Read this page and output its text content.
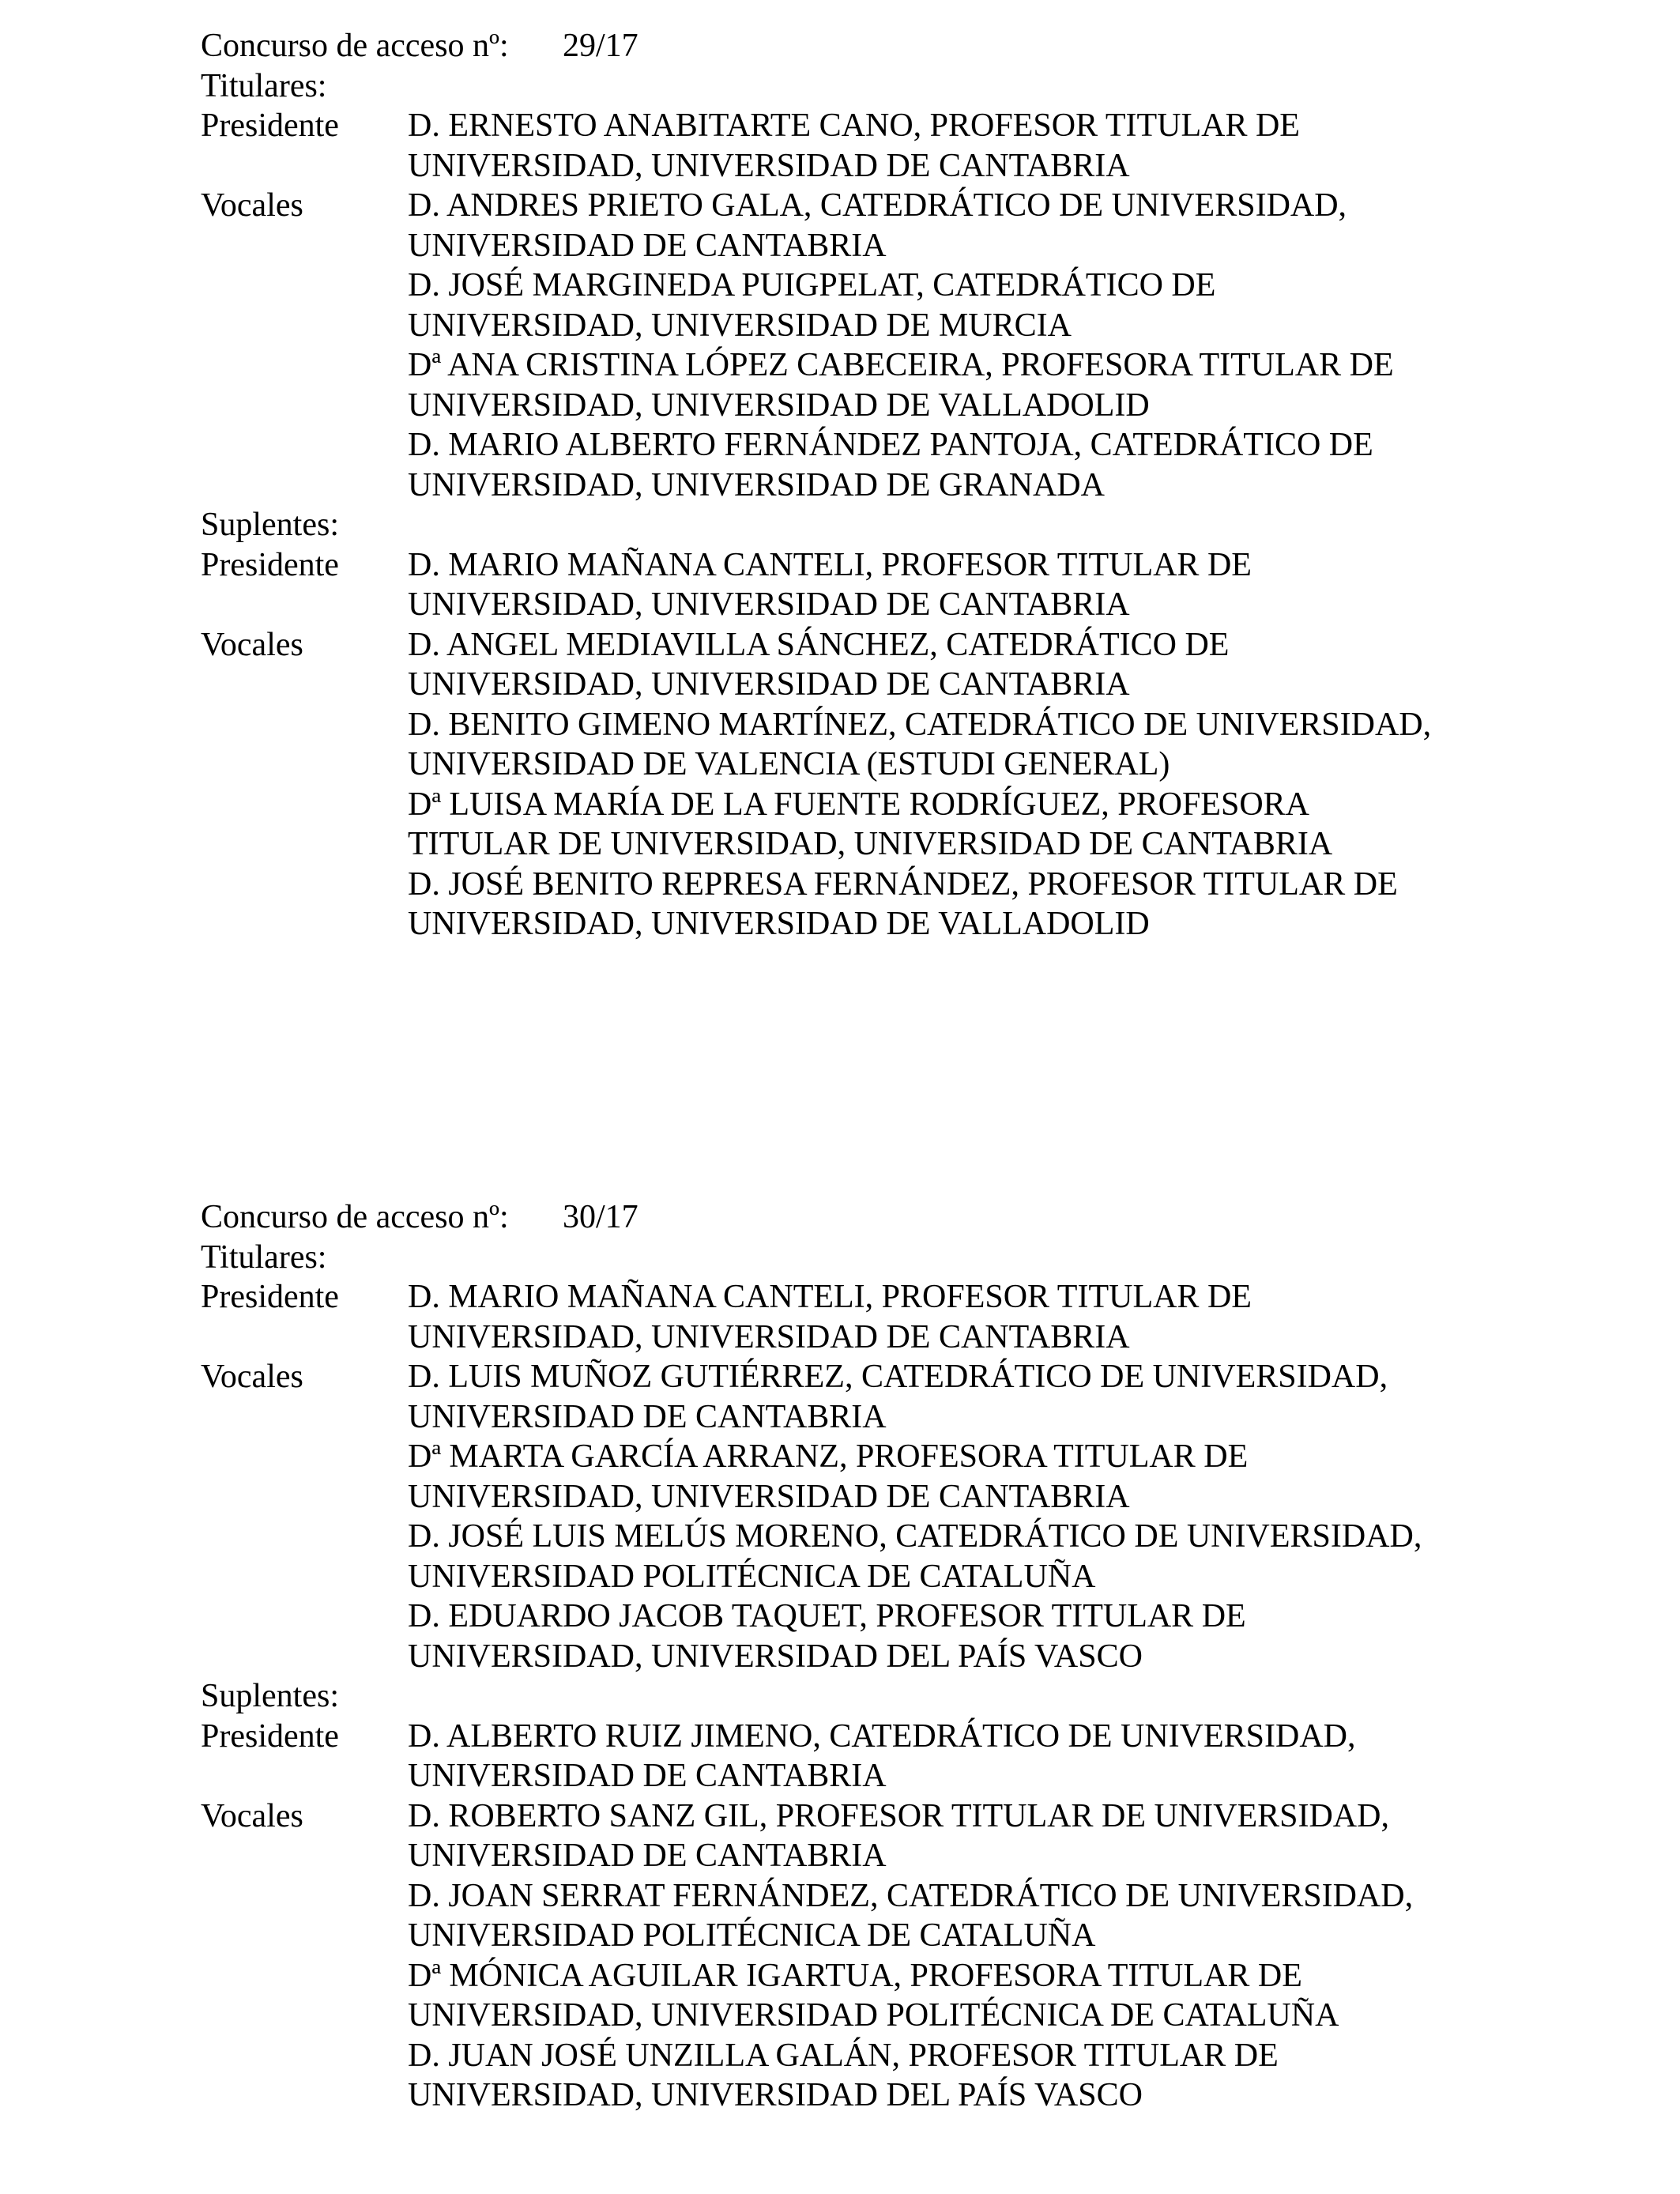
Concurso de acceso nº: 29/17
Titulares:
Presidente D. ERNESTO ANABITARTE CANO, PROFESOR TITULAR DE
UNIVERSIDAD, UNIVERSIDAD DE CANTABRIA
Vocales	D. ANDRES PRIETO GALA, CATEDRÁTICO DE UNIVERSIDAD,
UNIVERSIDAD DE CANTABRIA
D. JOSÉ MARGINEDA PUIGPELAT, CATEDRÁTICO DE
UNIVERSIDAD, UNIVERSIDAD DE MURCIA
Dª ANA CRISTINA LÓPEZ CABECEIRA, PROFESORA TITULAR DE
UNIVERSIDAD, UNIVERSIDAD DE VALLADOLID
D. MARIO ALBERTO FERNÁNDEZ PANTOJA, CATEDRÁTICO DE
UNIVERSIDAD, UNIVERSIDAD DE GRANADA
Suplentes:
Presidente D. MARIO MAÑANA CANTELI, PROFESOR TITULAR DE
UNIVERSIDAD, UNIVERSIDAD DE CANTABRIA
Vocales	D. ANGEL MEDIAVILLA SÁNCHEZ, CATEDRÁTICO DE
UNIVERSIDAD, UNIVERSIDAD DE CANTABRIA
D. BENITO GIMENO MARTÍNEZ, CATEDRÁTICO DE UNIVERSIDAD,
UNIVERSIDAD DE VALENCIA (ESTUDI GENERAL)
Dª LUISA MARÍA DE LA FUENTE RODRÍGUEZ, PROFESORA
TITULAR DE UNIVERSIDAD, UNIVERSIDAD DE CANTABRIA
D. JOSÉ BENITO REPRESA FERNÁNDEZ, PROFESOR TITULAR DE
UNIVERSIDAD, UNIVERSIDAD DE VALLADOLID
Concurso de acceso nº: 30/17
Titulares:
Presidente D. MARIO MAÑANA CANTELI, PROFESOR TITULAR DE
UNIVERSIDAD, UNIVERSIDAD DE CANTABRIA
Vocales	D. LUIS MUÑOZ GUTIÉRREZ, CATEDRÁTICO DE UNIVERSIDAD,
UNIVERSIDAD DE CANTABRIA
Dª MARTA GARCÍA ARRANZ, PROFESORA TITULAR DE
UNIVERSIDAD, UNIVERSIDAD DE CANTABRIA
D. JOSÉ LUIS MELÚS MORENO, CATEDRÁTICO DE UNIVERSIDAD,
UNIVERSIDAD POLITÉCNICA DE CATALUÑA
D. EDUARDO JACOB TAQUET, PROFESOR TITULAR DE
UNIVERSIDAD, UNIVERSIDAD DEL PAÍS VASCO
Suplentes:
Presidente D. ALBERTO RUIZ JIMENO, CATEDRÁTICO DE UNIVERSIDAD,
UNIVERSIDAD DE CANTABRIA
Vocales	D. ROBERTO SANZ GIL, PROFESOR TITULAR DE UNIVERSIDAD,
UNIVERSIDAD DE CANTABRIA
D. JOAN SERRAT FERNÁNDEZ, CATEDRÁTICO DE UNIVERSIDAD,
UNIVERSIDAD POLITÉCNICA DE CATALUÑA
Dª MÓNICA AGUILAR IGARTUA, PROFESORA TITULAR DE
UNIVERSIDAD, UNIVERSIDAD POLITÉCNICA DE CATALUÑA
D. JUAN JOSÉ UNZILLA GALÁN, PROFESOR TITULAR DE
UNIVERSIDAD, UNIVERSIDAD DEL PAÍS VASCO
